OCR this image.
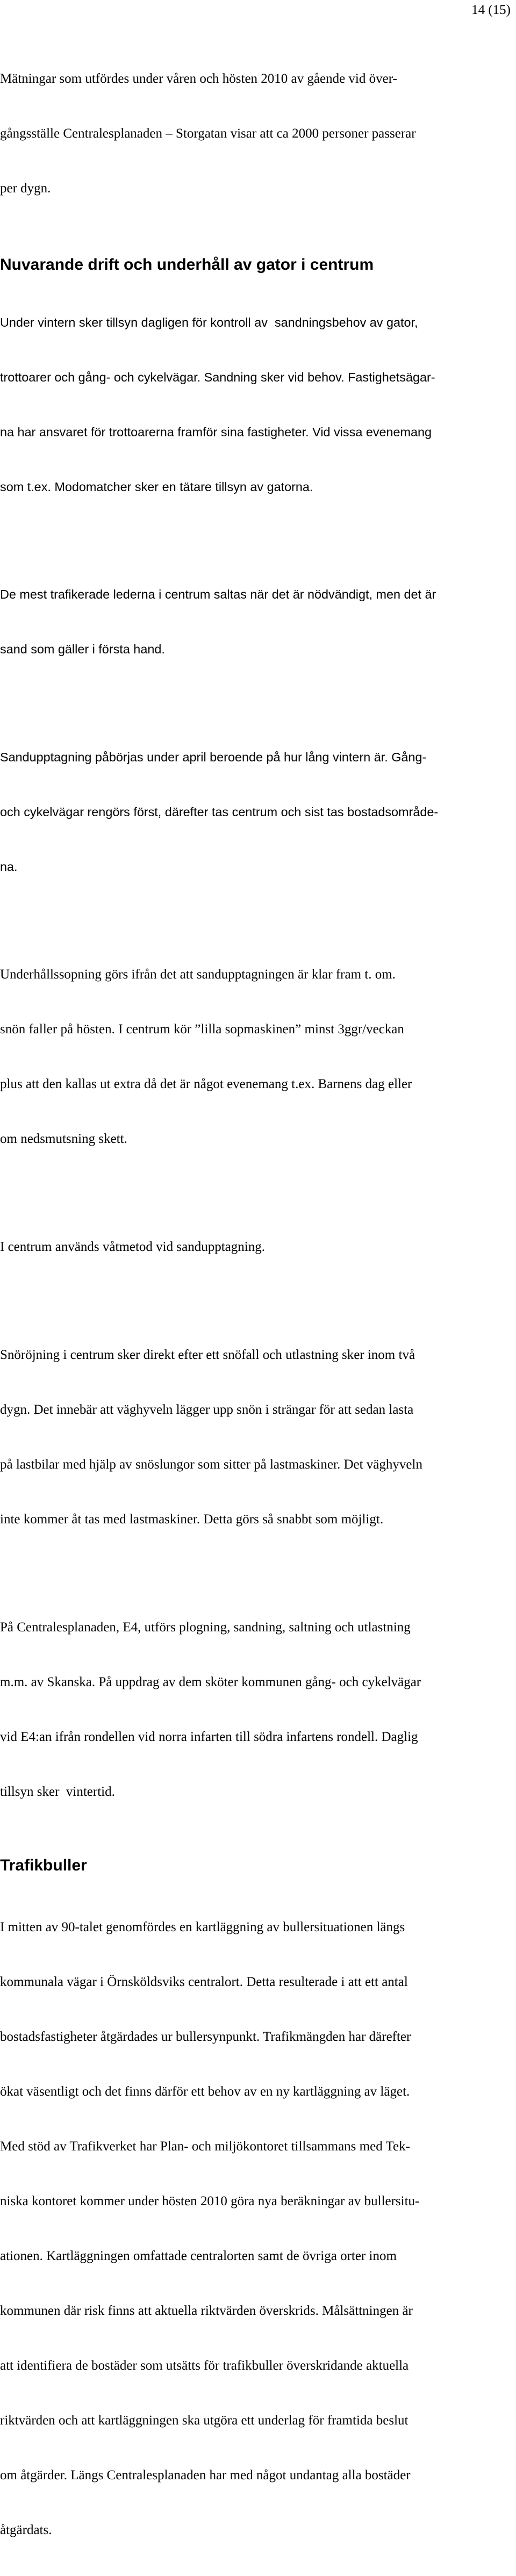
14 (15)

Mätningar som utfördes under våren och hösten 2010 av gående vid över-

gångsställe Centralesplanaden – Storgatan visar att ca 2000 personer passerar

per dygn.

Nuvarande drift och underhåll av gator i centrum

Under vintern sker tillsyn dagligen för kontroll av  sandningsbehov av gator,

trottoarer och gång- och cykelvägar. Sandning sker vid behov. Fastighetsägar-

na har ansvaret för trottoarerna framför sina fastigheter. Vid vissa evenemang

som t.ex. Modomatcher sker en tätare tillsyn av gatorna.

De mest trafikerade lederna i centrum saltas när det är nödvändigt, men det är

sand som gäller i första hand.

Sandupptagning påbörjas under april beroende på hur lång vintern är. Gång-

och cykelvägar rengörs först, därefter tas centrum och sist tas bostadsområde-

na.

Underhållssopning görs ifrån det att sandupptagningen är klar fram t. om.

snön faller på hösten. I centrum kör ”lilla sopmaskinen” minst 3ggr/veckan

plus att den kallas ut extra då det är något evenemang t.ex. Barnens dag eller

om nedsmutsning skett.

I centrum används våtmetod vid sandupptagning.

Snöröjning i centrum sker direkt efter ett snöfall och utlastning sker inom två

dygn. Det innebär att väghyveln lägger upp snön i strängar för att sedan lasta

på lastbilar med hjälp av snöslungor som sitter på lastmaskiner. Det väghyveln

inte kommer åt tas med lastmaskiner. Detta görs så snabbt som möjligt.

På Centralesplanaden, E4, utförs plogning, sandning, saltning och utlastning

m.m. av Skanska. På uppdrag av dem sköter kommunen gång- och cykelvägar

vid E4:an ifrån rondellen vid norra infarten till södra infartens rondell. Daglig

tillsyn sker  vintertid.

Trafikbuller

I mitten av 90-talet genomfördes en kartläggning av bullersituationen längs

kommunala vägar i Örnsköldsviks centralort. Detta resulterade i att ett antal

bostadsfastigheter åtgärdades ur bullersynpunkt. Trafikmängden har därefter

ökat väsentligt och det finns därför ett behov av en ny kartläggning av läget.

Med stöd av Trafikverket har Plan- och miljökontoret tillsammans med Tek-

niska kontoret kommer under hösten 2010 göra nya beräkningar av bullersitu-

ationen. Kartläggningen omfattade centralorten samt de övriga orter inom

kommunen där risk finns att aktuella riktvärden överskrids. Målsättningen är

att identifiera de bostäder som utsätts för trafikbuller överskridande aktuella

riktvärden och att kartläggningen ska utgöra ett underlag för framtida beslut

om åtgärder. Längs Centralesplanaden har med något undantag alla bostäder

åtgärdats.
